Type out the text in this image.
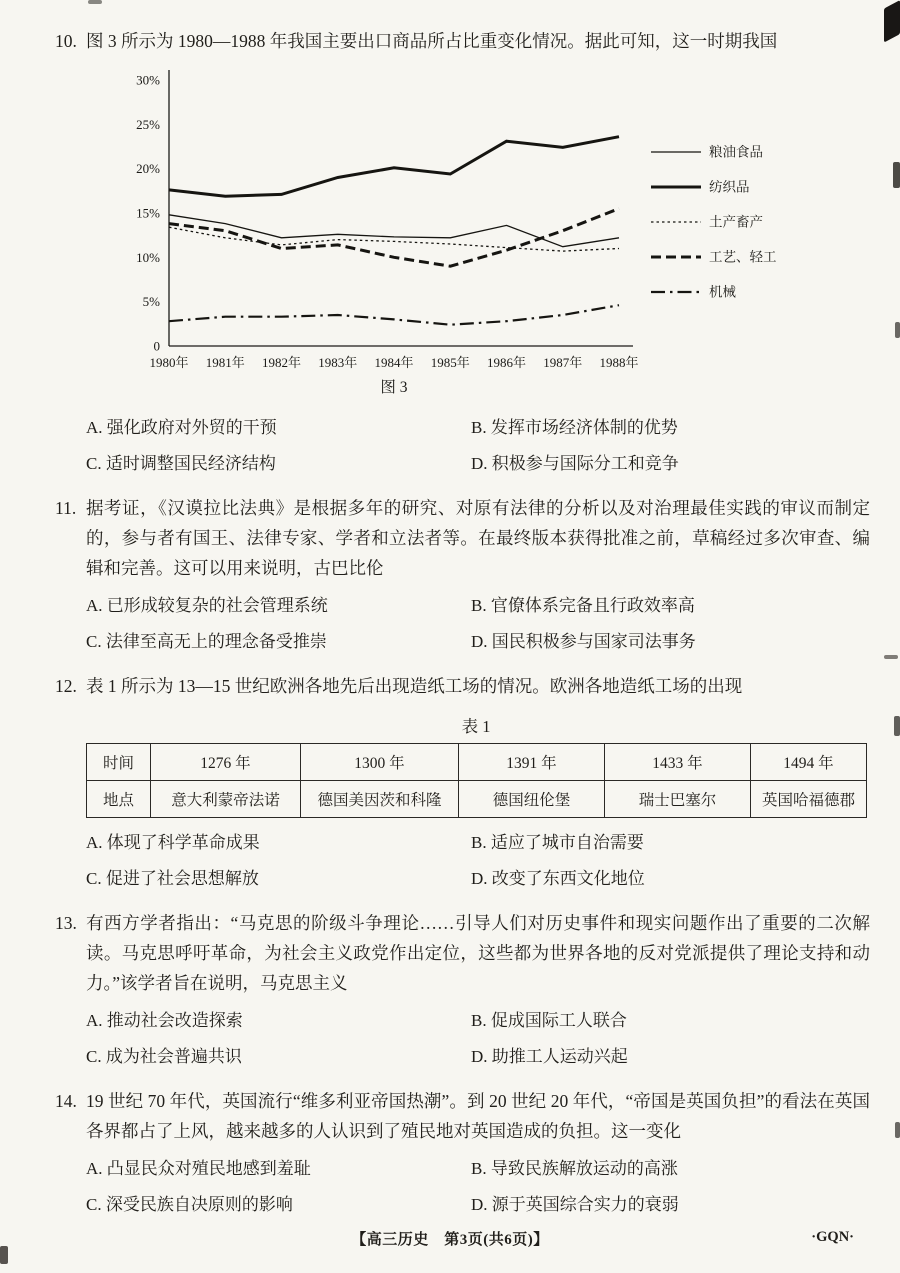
10. 图 3 所示为 1980—1988 年我国主要出口商品所占比重变化情况。据此可知，这一时期我国

0
5%
10%
15%
20%
25%
30%
1980年 1981年 1982年 1983年 1984年 1985年 1986年 1987年 1988年
粮油食品
纺织品
土产畜产
工艺、轻工
机械
图 3
A. 强化政府对外贸的干预	B. 发挥市场经济体制的优势
C. 适时调整国民经济结构	D. 积极参与国际分工和竞争

11. 据考证，《汉谟拉比法典》是根据多年的研究、对原有法律的分析以及对治理最佳实践的审议而制定的，参与者有国王、法律专家、学者和立法者等。在最终版本获得批准之前，草稿经过多次审查、编辑和完善。这可以用来说明，古巴比伦

A. 已形成较复杂的社会管理系统	B. 官僚体系完备且行政效率高
C. 法律至高无上的理念备受推崇	D. 国民积极参与国家司法事务

12. 表 1 所示为 13—15 世纪欧洲各地先后出现造纸工场的情况。欧洲各地造纸工场的出现

表 1
时间	1276 年	1300 年	1391 年	1433 年	1494 年
地点	意大利蒙帝法诺	德国美因茨和科隆	德国纽伦堡	瑞士巴塞尔	英国哈福德郡
A. 体现了科学革命成果	B. 适应了城市自治需要
C. 促进了社会思想解放	D. 改变了东西文化地位

13. 有西方学者指出：“马克思的阶级斗争理论……引导人们对历史事件和现实问题作出了重要的二次解读。马克思呼吁革命，为社会主义政党作出定位，这些都为世界各地的反对党派提供了理论支持和动力。”该学者旨在说明，马克思主义

A. 推动社会改造探索	B. 促成国际工人联合
C. 成为社会普遍共识	D. 助推工人运动兴起

14. 19 世纪 70 年代，英国流行“维多利亚帝国热潮”。到 20 世纪 20 年代，“帝国是英国负担”的看法在英国各界都占了上风，越来越多的人认识到了殖民地对英国造成的负担。这一变化

A. 凸显民众对殖民地感到羞耻	B. 导致民族解放运动的高涨
C. 深受民族自决原则的影响	D. 源于英国综合实力的衰弱
【高三历史　第3页(共6页)】	·GQN·
